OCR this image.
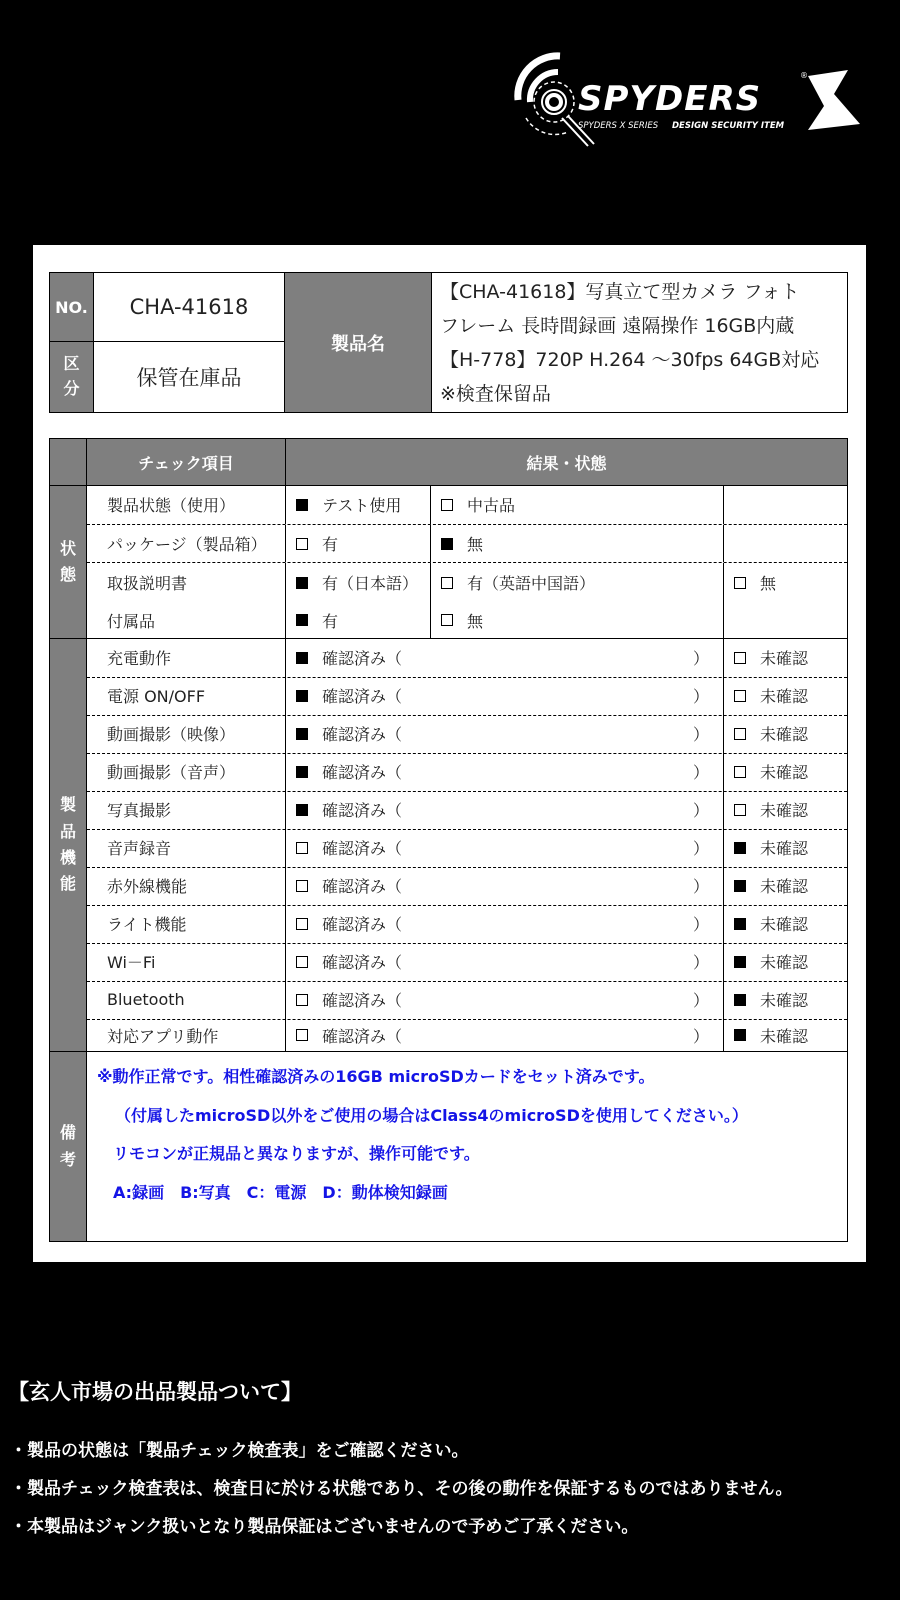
SPYDERS
®
SPYDERS X SERIES DESIGN SECURITY ITEM
NO.	CHA-41618
区
分	保管在庫品
製品名
【CHA-41618】写真立て型カメラ フォト
フレーム 長時間録画 遠隔操作 16GB内蔵
【H-778】720P H.264 ～30fps 64GB対応
※検査保留品
チェック項目	結果・状態
状
態
製品状態（使用）	テスト使用	中古品
パッケージ（製品箱）	有	無
取扱説明書	有（日本語）	有（英語中国語）	無
付属品	有	無
製
品
機
能
充電動作	確認済み（	）	未確認
電源 ON/OFF	確認済み（	）	未確認
動画撮影（映像）	確認済み（	）	未確認
動画撮影（音声）	確認済み（	）	未確認
写真撮影	確認済み（	）	未確認
音声録音	確認済み（	）	未確認
赤外線機能	確認済み（	）	未確認
ライト機能	確認済み（	）	未確認
Wi－Fi	確認済み（	）	未確認
Bluetooth	確認済み（	）	未確認
対応アプリ動作	確認済み（	）	未確認
備
考
※動作正常です。相性確認済みの16GB microSDカードをセット済みです。
（付属したmicroSD以外をご使用の場合はClass4のmicroSDを使用してください。）
リモコンが正規品と異なりますが、操作可能です。
A:録画　B:写真　C：電源　D：動体検知録画
【玄人市場の出品製品ついて】
・製品の状態は「製品チェック検査表」をご確認ください。
・製品チェック検査表は、検査日に於ける状態であり、その後の動作を保証するものではありません。
・本製品はジャンク扱いとなり製品保証はございませんので予めご了承ください。
